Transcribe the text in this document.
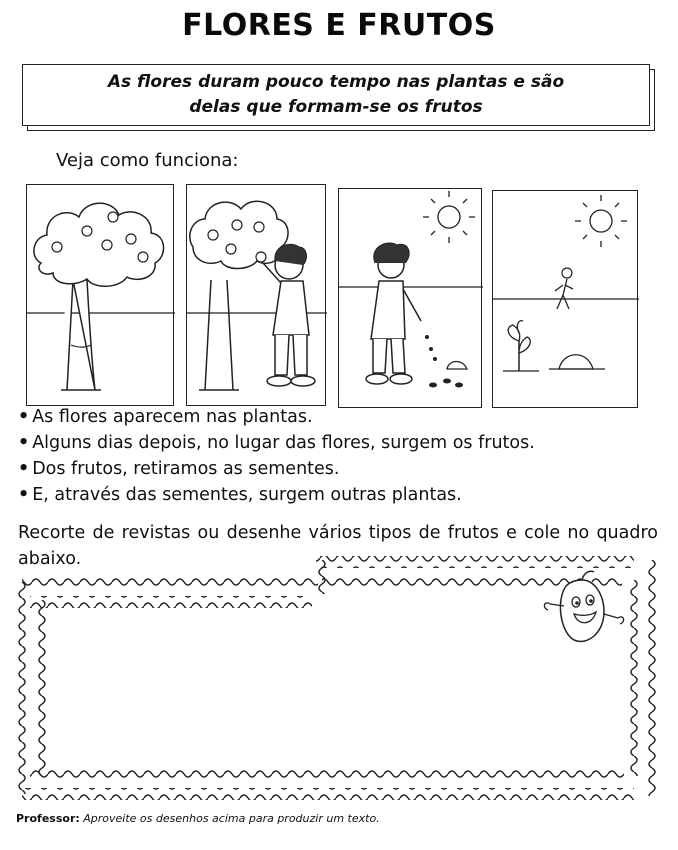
FLORES E FRUTOS
As flores duram pouco tempo nas plantas e são
delas que formam-se os frutos
Veja como funciona:
• As flores aparecem nas plantas.
• Alguns dias depois, no lugar das flores, surgem os frutos.
• Dos frutos, retiramos as sementes.
• E, através das sementes, surgem outras plantas.
Recorte de revistas ou desenhe vários tipos de frutos e cole no quadro abaixo.
Professor: Aproveite os desenhos acima para produzir um texto.
